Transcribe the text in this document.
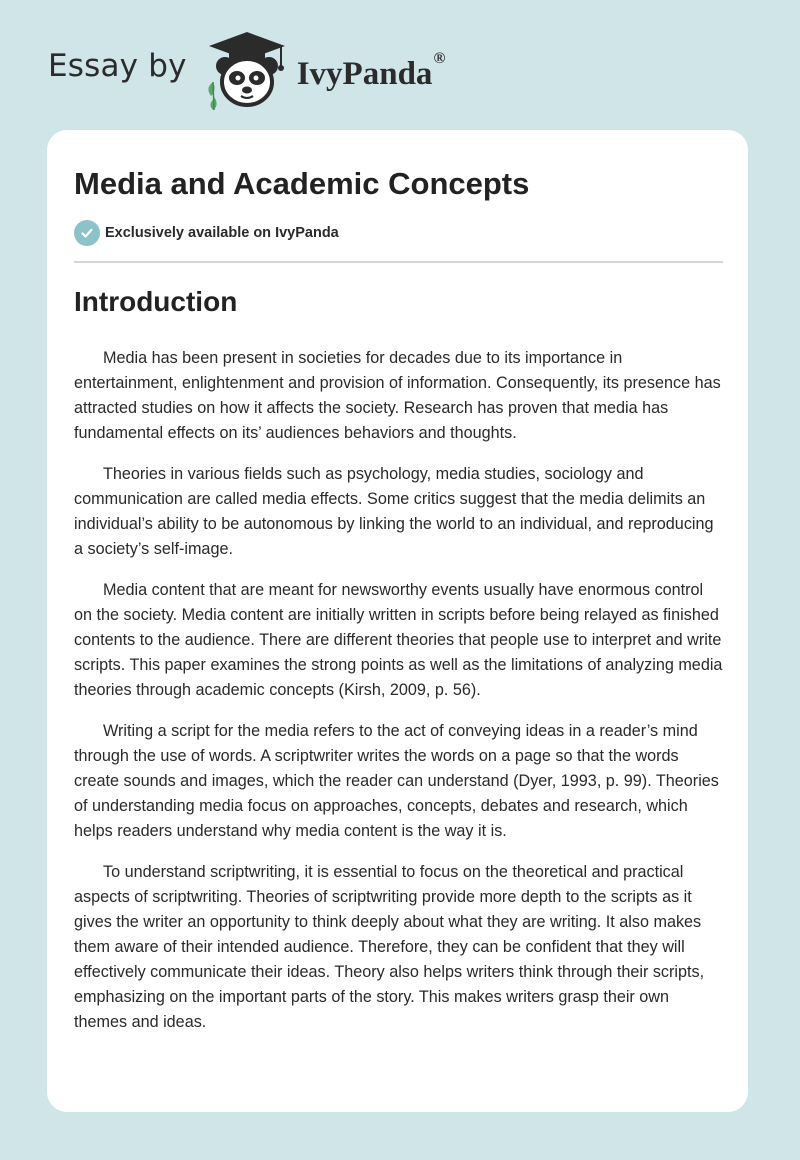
Essay by	IvyPanda®
Media and Academic Concepts
Exclusively available on IvyPanda
Introduction

Media has been present in societies for decades due to its importance in entertainment, enlightenment and provision of information. Consequently, its presence has attracted studies on how it affects the society. Research has proven that media has fundamental effects on its’ audiences behaviors and thoughts.

Theories in various fields such as psychology, media studies, sociology and communication are called media effects. Some critics suggest that the media delimits an individual’s ability to be autonomous by linking the world to an individual, and reproducing a society’s self-image.

Media content that are meant for newsworthy events usually have enormous control on the society. Media content are initially written in scripts before being relayed as finished contents to the audience. There are different theories that people use to interpret and write scripts. This paper examines the strong points as well as the limitations of analyzing media theories through academic concepts (Kirsh, 2009, p. 56).

Writing a script for the media refers to the act of conveying ideas in a reader’s mind through the use of words. A scriptwriter writes the words on a page so that the words create sounds and images, which the reader can understand (Dyer, 1993, p. 99). Theories of understanding media focus on approaches, concepts, debates and research, which helps readers understand why media content is the way it is.

To understand scriptwriting, it is essential to focus on the theoretical and practical aspects of scriptwriting. Theories of scriptwriting provide more depth to the scripts as it gives the writer an opportunity to think deeply about what they are writing. It also makes them aware of their intended audience. Therefore, they can be confident that they will effectively communicate their ideas. Theory also helps writers think through their scripts, emphasizing on the important parts of the story. This makes writers grasp their own themes and ideas.
